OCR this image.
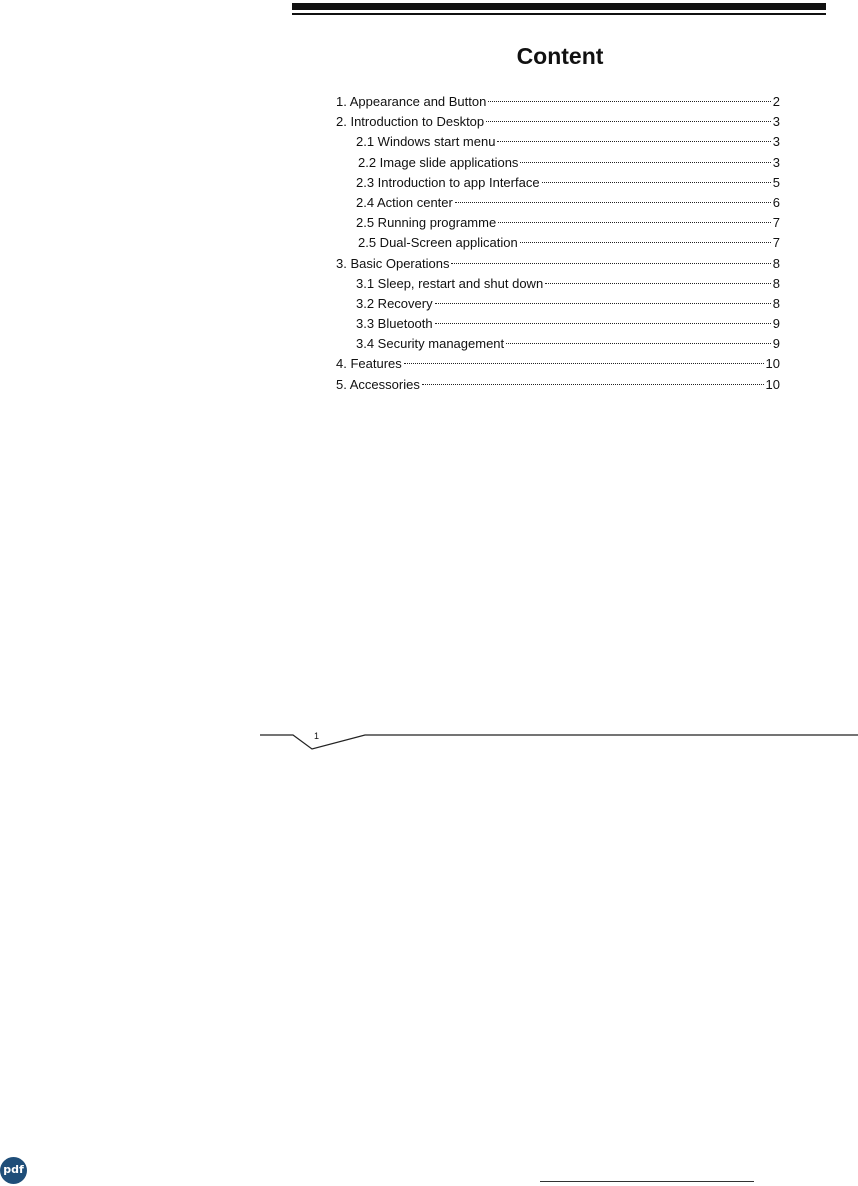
Content
1. Appearance and Button	2
2. Introduction to Desktop	3
2.1 Windows start menu	3
2.2 Image slide applications	3
2.3 Introduction to app Interface	5
2.4 Action center	6
2.5 Running programme	7
2.5 Dual-Screen application	7
3. Basic Operations	8
3.1 Sleep, restart and shut down	8
3.2 Recovery	8
3.3 Bluetooth	9
3.4 Security management	9
4. Features	10
5. Accessories	10
1
pdf
